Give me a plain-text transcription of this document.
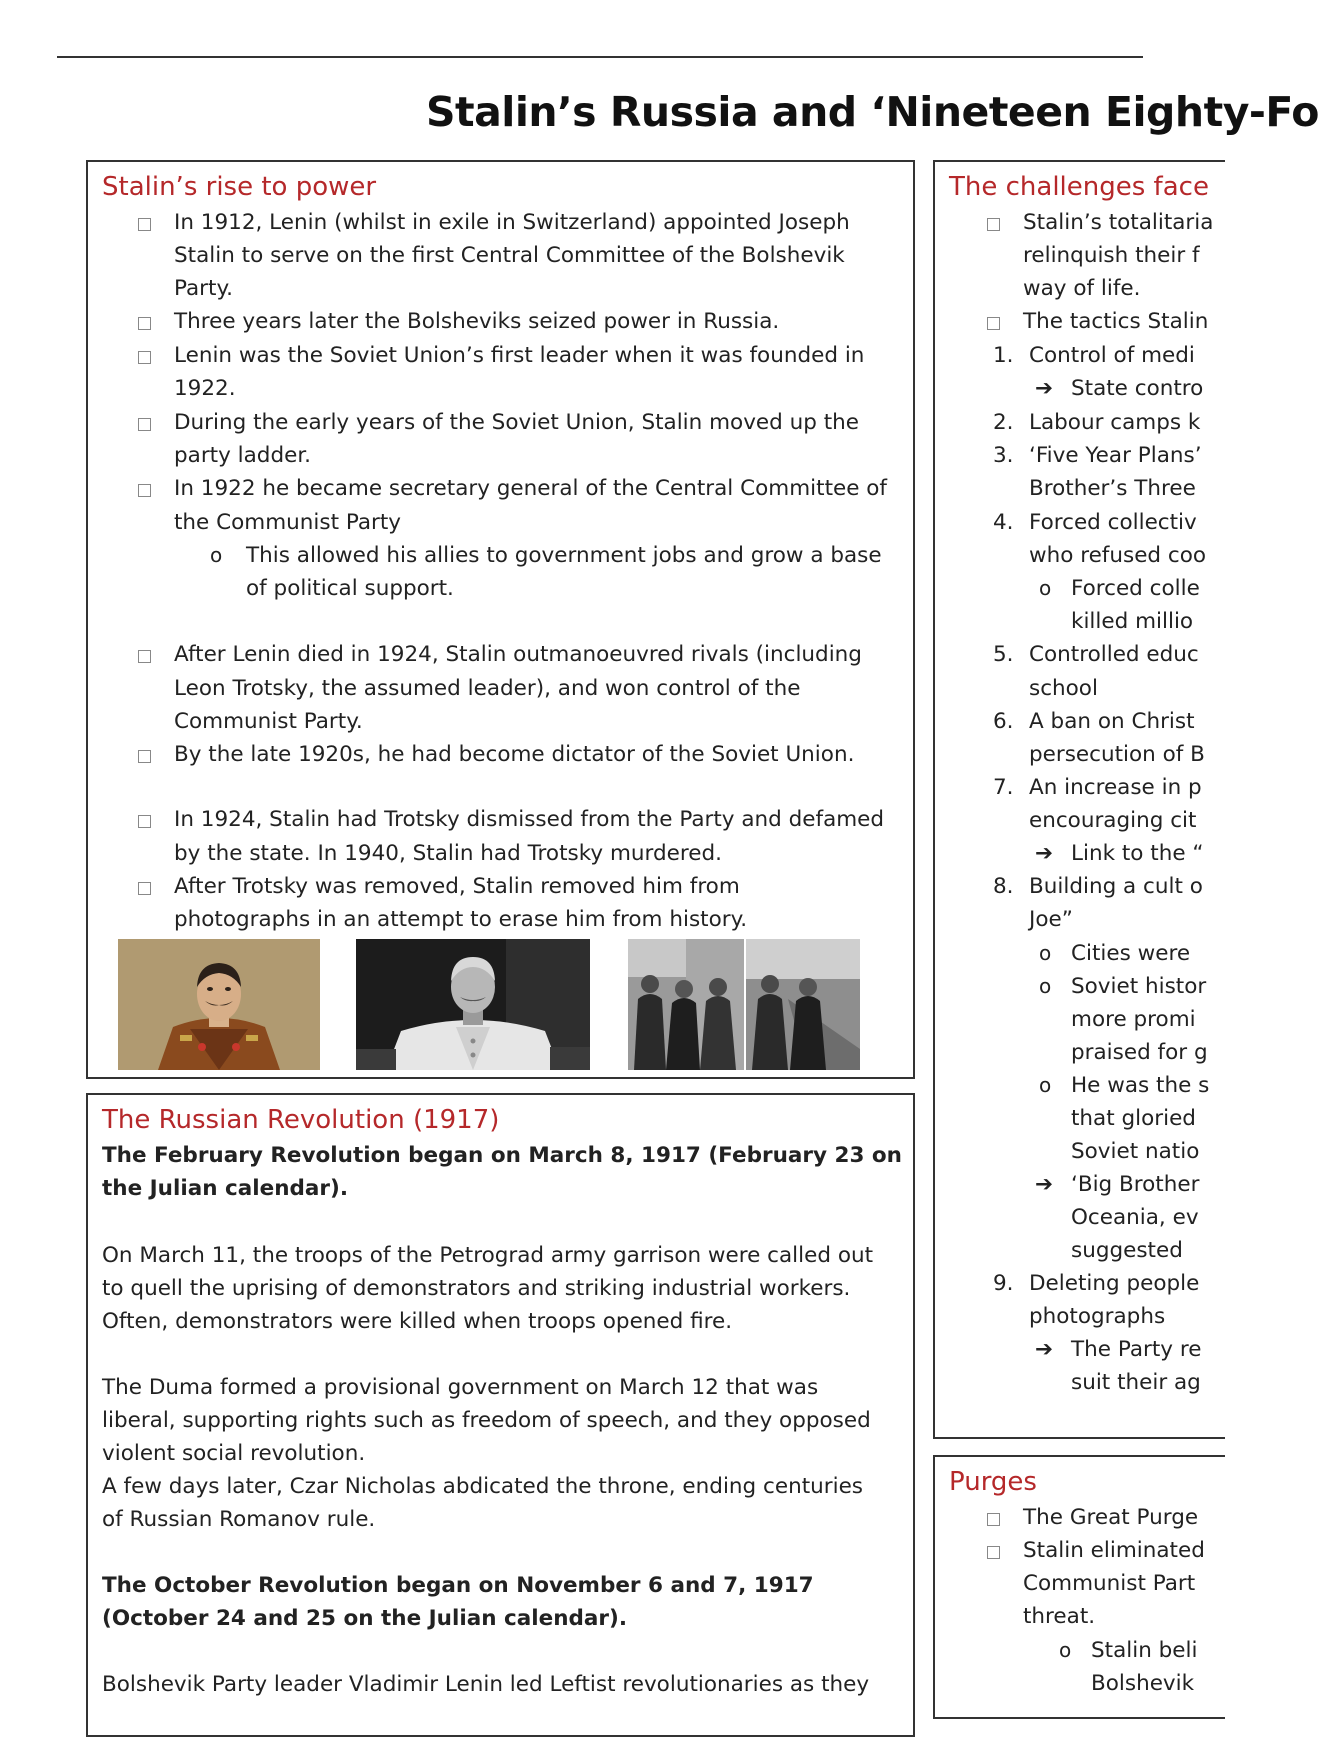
Stalin’s Russia and ‘Nineteen Eighty-Fo
Stalin’s rise to power
In 1912, Lenin (whilst in exile in Switzerland) appointed Joseph
Stalin to serve on the first Central Committee of the Bolshevik
Party.
Three years later the Bolsheviks seized power in Russia.
Lenin was the Soviet Union’s first leader when it was founded in
1922.
During the early years of the Soviet Union, Stalin moved up the
party ladder.
In 1922 he became secretary general of the Central Committee of
the Communist Party
o This allowed his allies to government jobs and grow a base
of political support.
After Lenin died in 1924, Stalin outmanoeuvred rivals (including
Leon Trotsky, the assumed leader), and won control of the
Communist Party.
By the late 1920s, he had become dictator of the Soviet Union.
In 1924, Stalin had Trotsky dismissed from the Party and defamed
by the state. In 1940, Stalin had Trotsky murdered.
After Trotsky was removed, Stalin removed him from
photographs in an attempt to erase him from history.
The Russian Revolution (1917)
The February Revolution began on March 8, 1917 (February 23 on
the Julian calendar).
On March 11, the troops of the Petrograd army garrison were called out
to quell the uprising of demonstrators and striking industrial workers.
Often, demonstrators were killed when troops opened fire.
The Duma formed a provisional government on March 12 that was
liberal, supporting rights such as freedom of speech, and they opposed
violent social revolution.
A few days later, Czar Nicholas abdicated the throne, ending centuries
of Russian Romanov rule.
The October Revolution began on November 6 and 7, 1917
(October 24 and 25 on the Julian calendar).
Bolshevik Party leader Vladimir Lenin led Leftist revolutionaries as they
The challenges face
Stalin’s totalitaria
relinquish their f
way of life.
The tactics Stalin
1. Control of medi
➔ State contro
2. Labour camps k
3. ‘Five Year Plans’
Brother’s Three
4. Forced collectiv
who refused coo
o Forced colle
killed millio
5. Controlled educ
school
6. A ban on Christ
persecution of B
7. An increase in p
encouraging cit
➔ Link to the “
8. Building a cult o
Joe”
o Cities were
o Soviet histor
more promi
praised for g
o He was the s
that gloried
Soviet natio
➔ ‘Big Brother
Oceania, ev
suggested
9. Deleting people
photographs
➔ The Party re
suit their ag
Purges
The Great Purge
Stalin eliminated
Communist Part
threat.
o Stalin beli
Bolshevik
